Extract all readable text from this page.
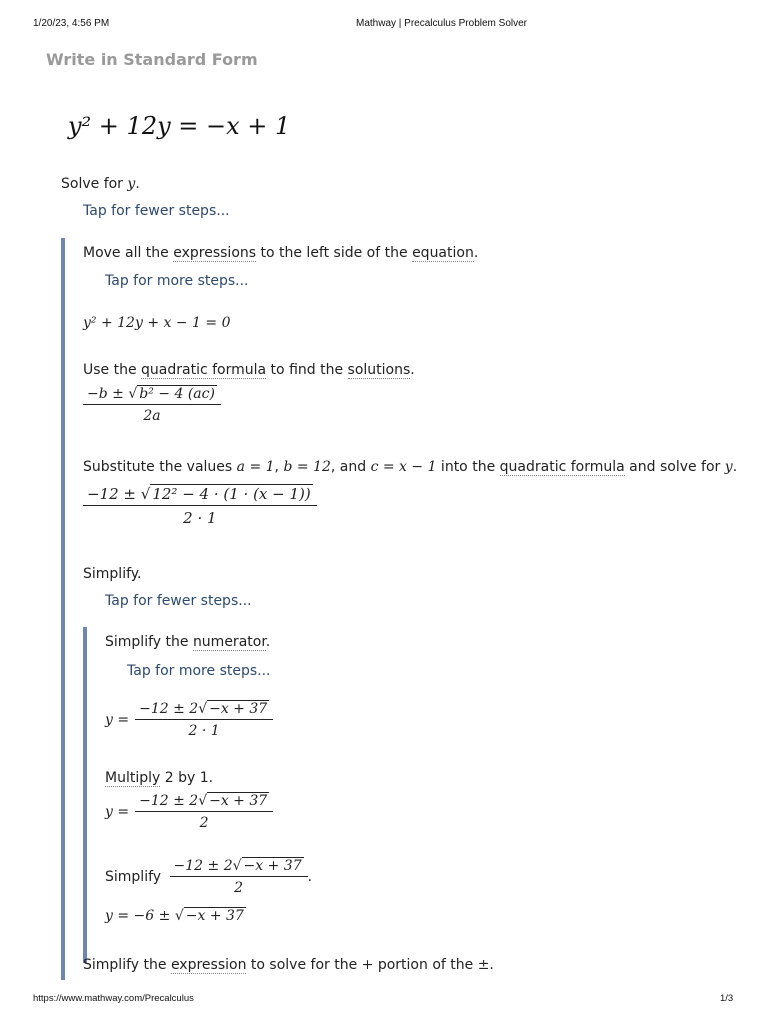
1/20/23, 4:56 PM	Mathway | Precalculus Problem Solver
Write in Standard Form
y² + 12y = −x + 1
Solve for y.
Tap for fewer steps...
Move all the expressions to the left side of the equation.
Tap for more steps...
y² + 12y + x − 1 = 0
Use the quadratic formula to find the solutions.
$\frac{\text{−b ± √ b² − 4 (ac)}}{2a}$
Substitute the values a = 1, b = 12, and c = x − 1 into the quadratic formula and solve for y.
$\frac{\text{−12 ± √ 12² − 4 · (1 · (x − 1))}}{2 \cdot 1}$
Simplify.
Tap for fewer steps...
Simplify the numerator.
Tap for more steps...
$y = \frac{-12 \pm 2√ -x + 37}{2 \cdot 1}$
Multiply 2 by 1.
$y = \frac{-12 \pm 2√ -x + 37}{2}$
Simplify $\frac{-12 \pm 2√ -x + 37}{2}$ .
y = −6 ± √ −x + 37
Simplify the expression to solve for the + portion of the ±.
https://www.mathway.com/Precalculus	1/3
